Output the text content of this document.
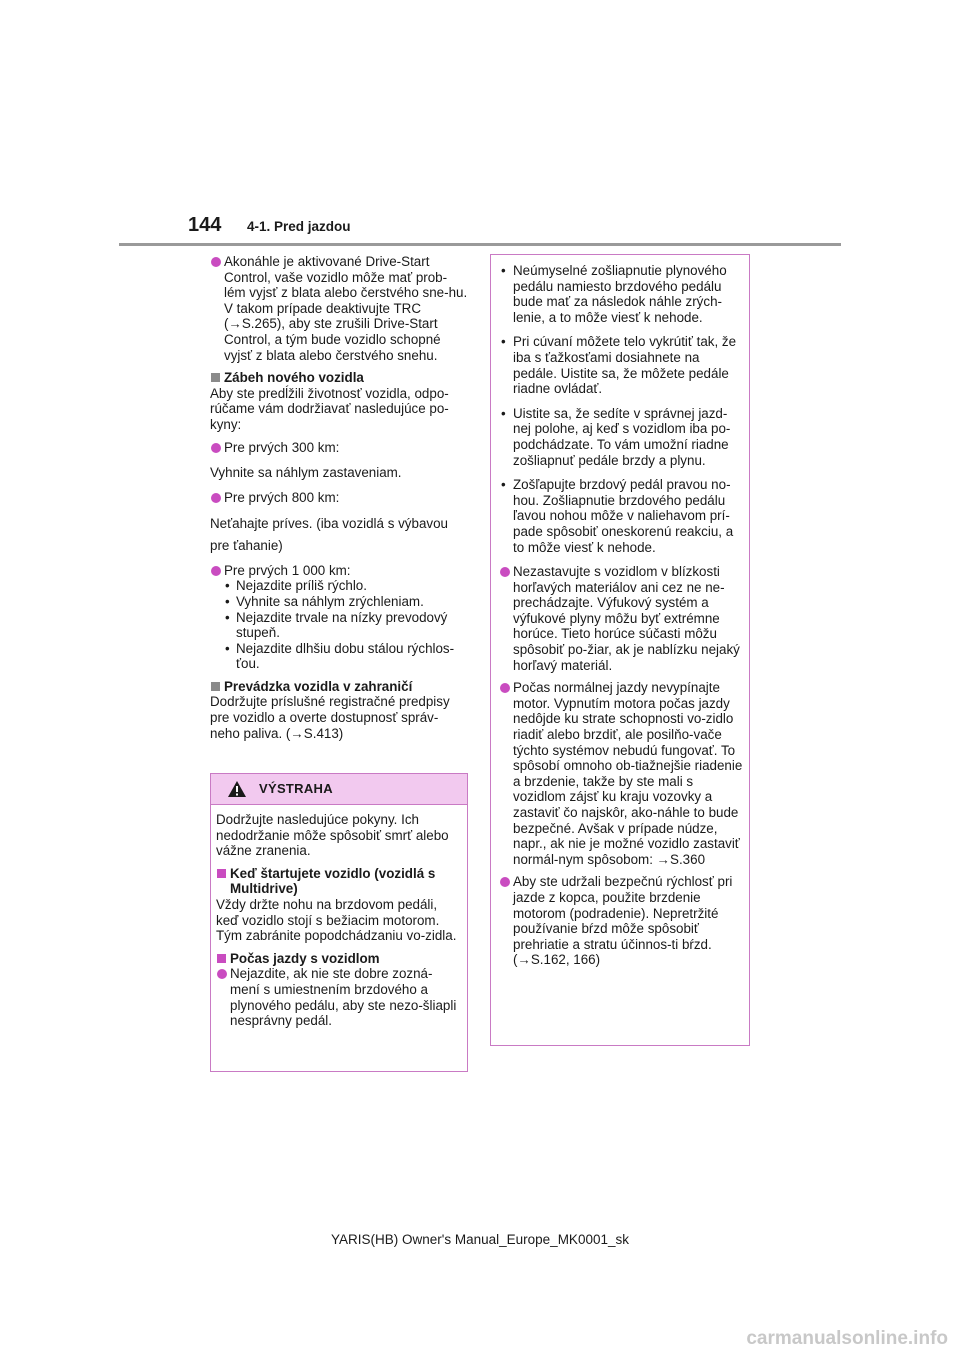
144 4-1. Pred jazdou

Akonáhle je aktivované Drive-Start Control, vaše vozidlo môže mať prob-lém vyjsť z blata alebo čerstvého sne-hu. V takom prípade deaktivujte TRC (→S.265), aby ste zrušili Drive-Start Control, a tým bude vozidlo schopné vyjsť z blata alebo čerstvého snehu.

Zábeh nového vozidla

Aby ste predĺžili životnosť vozidla, odpo-rúčame vám dodržiavať nasledujúce po-kyny:

Pre prvých 300 km:

Vyhnite sa náhlym zastaveniam.

Pre prvých 800 km:

Neťahajte príves. (iba vozidlá s výbavou pre ťahanie)

Pre prvých 1 000 km:

• Nejazdite príliš rýchlo.
• Vyhnite sa náhlym zrýchleniam.
• Nejazdite trvale na nízky prevodový stupeň.
• Nejazdite dlhšiu dobu stálou rýchlos-ťou.
Prevádzka vozidla v zahraničí

Dodržujte príslušné registračné predpisy pre vozidlo a overte dostupnosť správ-neho paliva. (→S.413)

VÝSTRAHA

Dodržujte nasledujúce pokyny. Ich nedodržanie môže spôsobiť smrť alebo vážne zranenia.

Keď štartujete vozidlo (vozidlá s Multidrive)

Vždy držte nohu na brzdovom pedáli, keď vozidlo stojí s bežiacim motorom. Tým zabránite popodchádzaniu vo-zidla.

Počas jazdy s vozidlom

Nejazdite, ak nie ste dobre zozná-mení s umiestnením brzdového a plynového pedálu, aby ste nezo-šliapli nesprávny pedál.

• Neúmyselné zošliapnutie plynového pedálu namiesto brzdového pedálu bude mať za následok náhle zrých-lenie, a to môže viesť k nehode.
• Pri cúvaní môžete telo vykrútiť tak, že iba s ťažkosťami dosiahnete na pedále. Uistite sa, že môžete pedále riadne ovládať.
• Uistite sa, že sedíte v správnej jazd-nej polohe, aj keď s vozidlom iba po-podchádzate. To vám umožní riadne zošliapnuť pedále brzdy a plynu.
• Zošľapujte brzdový pedál pravou no-hou. Zošliapnutie brzdového pedálu ľavou nohou môže v naliehavom prí-pade spôsobiť oneskorenú reakciu, a to môže viesť k nehode.

Nezastavujte s vozidlom v blízkosti horľavých materiálov ani cez ne ne-prechádzajte. Výfukový systém a výfukové plyny môžu byť extrémne horúce. Tieto horúce súčasti môžu spôsobiť po-žiar, ak je nablízku nejaký horľavý materiál.

Počas normálnej jazdy nevypínajte motor. Vypnutím motora počas jazdy nedôjde ku strate schopnosti vo-zidlo riadiť alebo brzdiť, ale posilňo-vače týchto systémov nebudú fungovať. To spôsobí omnoho ob-tiažnejšie riadenie a brzdenie, takže by ste mali s vozidlom zájsť ku kraju vozovky a zastaviť čo najskôr, ako-náhle to bude bezpečné. Avšak v prípade núdze, napr., ak nie je možné vozidlo zastaviť normál-nym spôsobom: →S.360

Aby ste udržali bezpečnú rýchlosť pri jazde z kopca, použite brzdenie motorom (podradenie). Nepretržité používanie bŕzd môže spôsobiť prehriatie a stratu účinnos-ti bŕzd. (→S.162, 166)

YARIS(HB) Owner's Manual_Europe_MK0001_sk
carmanualsonline.info
